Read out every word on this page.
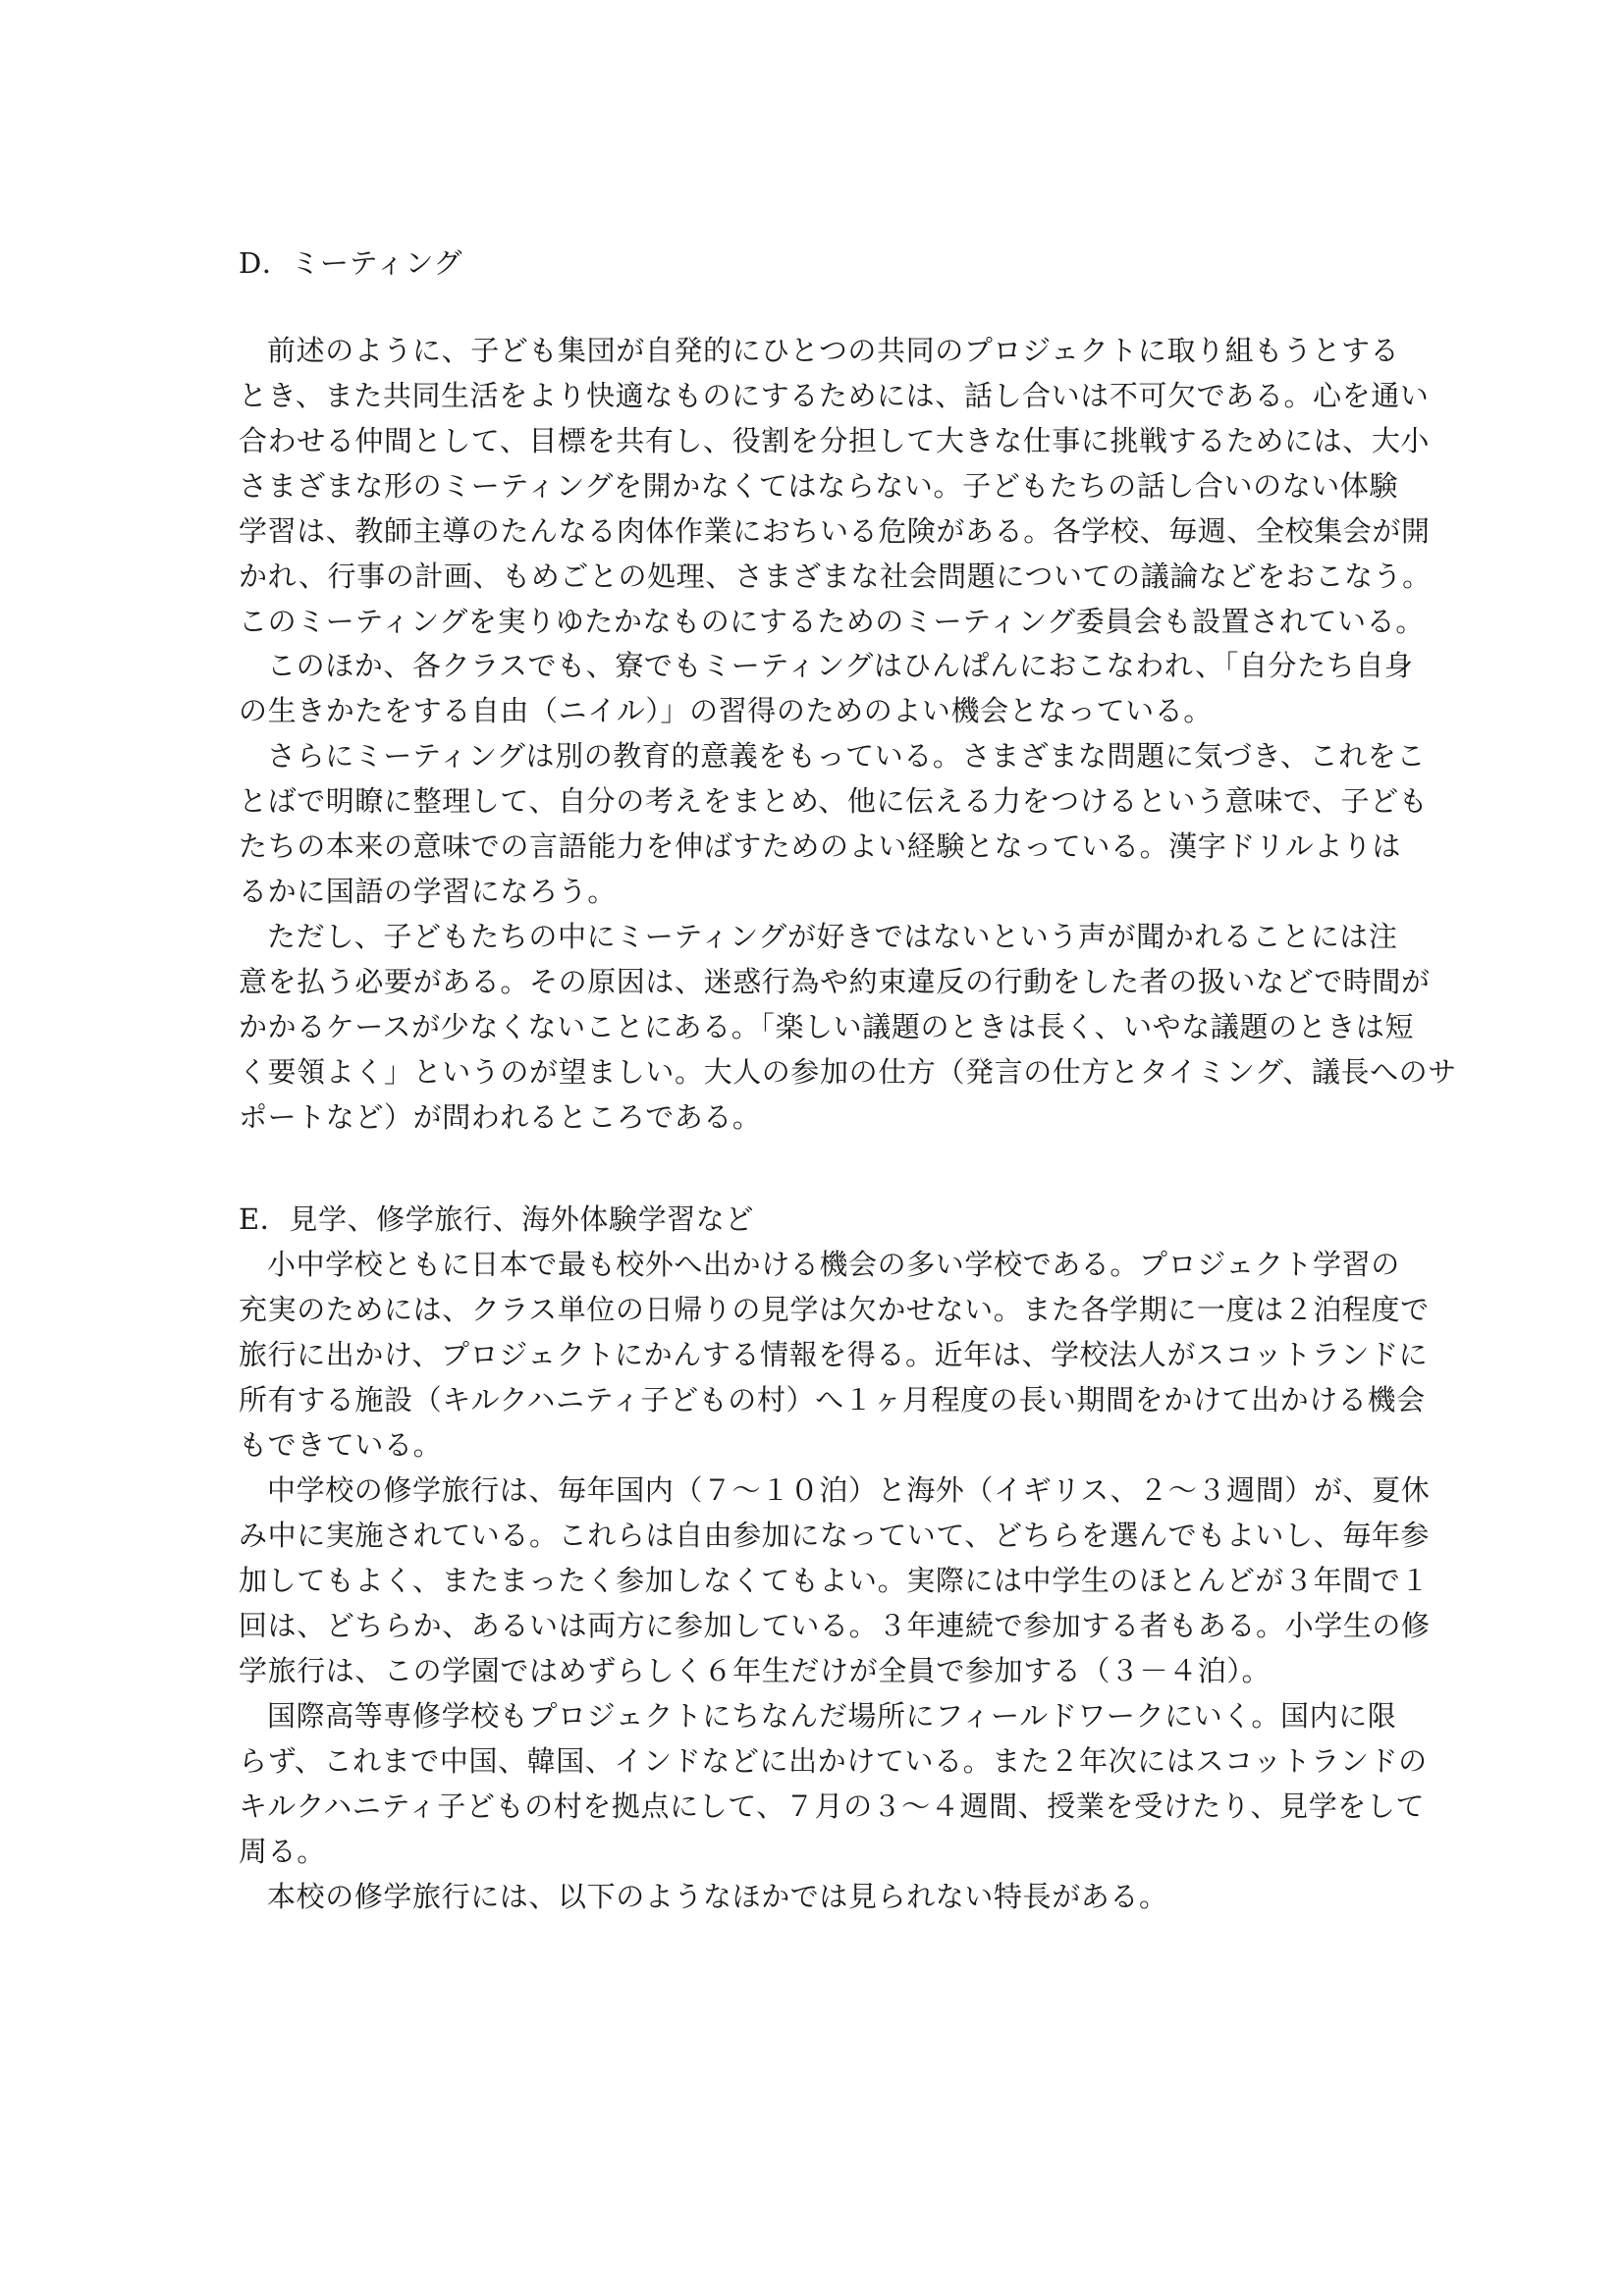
D．ミーティング
前述のように、子ども集団が自発的にひとつの共同のプロジェクトに取り組もうとする
とき、また共同生活をより快適なものにするためには、話し合いは不可欠である。心を通い
合わせる仲間として、目標を共有し、役割を分担して大きな仕事に挑戦するためには、大小
さまざまな形のミーティングを開かなくてはならない。子どもたちの話し合いのない体験
学習は、教師主導のたんなる肉体作業におちいる危険がある。各学校、毎週、全校集会が開
かれ、行事の計画、もめごとの処理、さまざまな社会問題についての議論などをおこなう。
このミーティングを実りゆたかなものにするためのミーティング委員会も設置されている。
このほか、各クラスでも、寮でもミーティングはひんぱんにおこなわれ、「自分たち自身
の生きかたをする自由（ニイル）」の習得のためのよい機会となっている。
さらにミーティングは別の教育的意義をもっている。さまざまな問題に気づき、これをこ
とばで明瞭に整理して、自分の考えをまとめ、他に伝える力をつけるという意味で、子ども
たちの本来の意味での言語能力を伸ばすためのよい経験となっている。漢字ドリルよりは
るかに国語の学習になろう。
ただし、子どもたちの中にミーティングが好きではないという声が聞かれることには注
意を払う必要がある。その原因は、迷惑行為や約束違反の行動をした者の扱いなどで時間が
かかるケースが少なくないことにある。「楽しい議題のときは長く、いやな議題のときは短
く要領よく」というのが望ましい。大人の参加の仕方（発言の仕方とタイミング、議長へのサ
ポートなど）が問われるところである。
E．見学、修学旅行、海外体験学習など
小中学校ともに日本で最も校外へ出かける機会の多い学校である。プロジェクト学習の
充実のためには、クラス単位の日帰りの見学は欠かせない。また各学期に一度は２泊程度で
旅行に出かけ、プロジェクトにかんする情報を得る。近年は、学校法人がスコットランドに
所有する施設（キルクハニティ子どもの村）へ１ヶ月程度の長い期間をかけて出かける機会
もできている。
中学校の修学旅行は、毎年国内（７～１０泊）と海外（イギリス、２～３週間）が、夏休
み中に実施されている。これらは自由参加になっていて、どちらを選んでもよいし、毎年参
加してもよく、またまったく参加しなくてもよい。実際には中学生のほとんどが３年間で１
回は、どちらか、あるいは両方に参加している。３年連続で参加する者もある。小学生の修
学旅行は、この学園ではめずらしく６年生だけが全員で参加する（３－４泊）。
国際高等専修学校もプロジェクトにちなんだ場所にフィールドワークにいく。国内に限
らず、これまで中国、韓国、インドなどに出かけている。また２年次にはスコットランドの
キルクハニティ子どもの村を拠点にして、７月の３～４週間、授業を受けたり、見学をして
周る。
本校の修学旅行には、以下のようなほかでは見られない特長がある。
